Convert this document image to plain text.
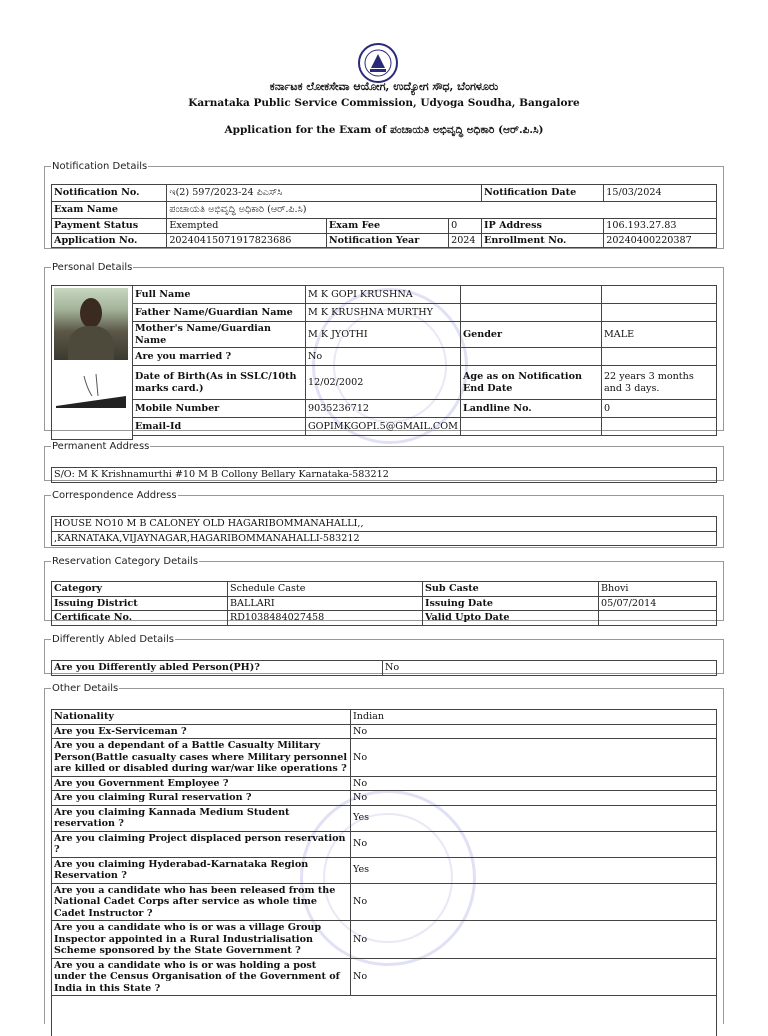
ಕರ್ನಾಟಕ ಲೋಕಸೇವಾ ಆಯೋಗ, ಉದ್ಯೋಗ ಸೌಧ, ಬೆಂಗಳೂರು
Karnataka Public Service Commission, Udyoga Soudha, Bangalore
Application for the Exam of ಪಂಚಾಯತಿ ಅಭಿವೃದ್ಧಿ ಅಧಿಕಾರಿ (ಆರ್.ಪಿ.ಸಿ)
Notification Details
Notification No.	ಇ(2) 597/2023-24 ಪಿಎಸ್‌ಸಿ			Notification Date	15/03/2024
Exam Name	ಪಂಚಾಯತಿ ಅಭಿವೃದ್ಧಿ ಅಧಿಕಾರಿ (ಆರ್.ಪಿ.ಸಿ)				
Payment Status	Exempted	Exam Fee	0	IP Address	106.193.27.83
Application No.	20240415071917823686	Notification Year	2024	Enrollment No.	20240400220387
Personal Details
	Full Name	M K GOPI KRUSHNA		
	Father Name/Guardian Name	M K KRUSHNA MURTHY		
	Mother's Name/Guardian Name	M K JYOTHI	Gender	MALE
	Are you married ?	No		
	Date of Birth(As in SSLC/10th marks card.)	12/02/2002	Age as on Notification End Date	22 years 3 months and 3 days.
	Mobile Number	9035236712	Landline No.	0
	Email-Id	GOPIMKGOPI.5@GMAIL.COM		

Permanent Address
S/O: M K Krishnamurthi #10 M B Collony Bellary Karnataka-583212
Correspondence Address
HOUSE NO10 M B CALONEY OLD HAGARIBOMMANAHALLI,,
,KARNATAKA,VIJAYNAGAR,HAGARIBOMMANAHALLI-583212
Reservation Category Details
Category	Schedule Caste	Sub Caste	Bhovi
Issuing District	BALLARI	Issuing Date	05/07/2014
Certificate No.	RD1038484027458	Valid Upto Date	
Differently Abled Details
Are you Differently abled Person(PH)?	No
Other Details
Nationality	Indian
Are you Ex-Serviceman ?	No
Are you a dependant of a Battle Casualty Military Person(Battle casualty cases where Military personnel are killed or disabled during war/war like operations ?	No
Are you Government Employee ?	No
Are you claiming Rural reservation ?	No
Are you claiming Kannada Medium Student reservation ?	Yes
Are you claiming Project displaced person reservation ?	No
Are you claiming Hyderabad-Karnataka Region Reservation ?	Yes
Are you a candidate who has been released from the National Cadet Corps after service as whole time Cadet Instructor ?	No
Are you a candidate who is or was a village Group Inspector appointed in a Rural Industrialisation Scheme sponsored by the State Government ?	No
Are you a candidate who is or was holding a post under the Census Organisation of the Government of India in this State ?	No
